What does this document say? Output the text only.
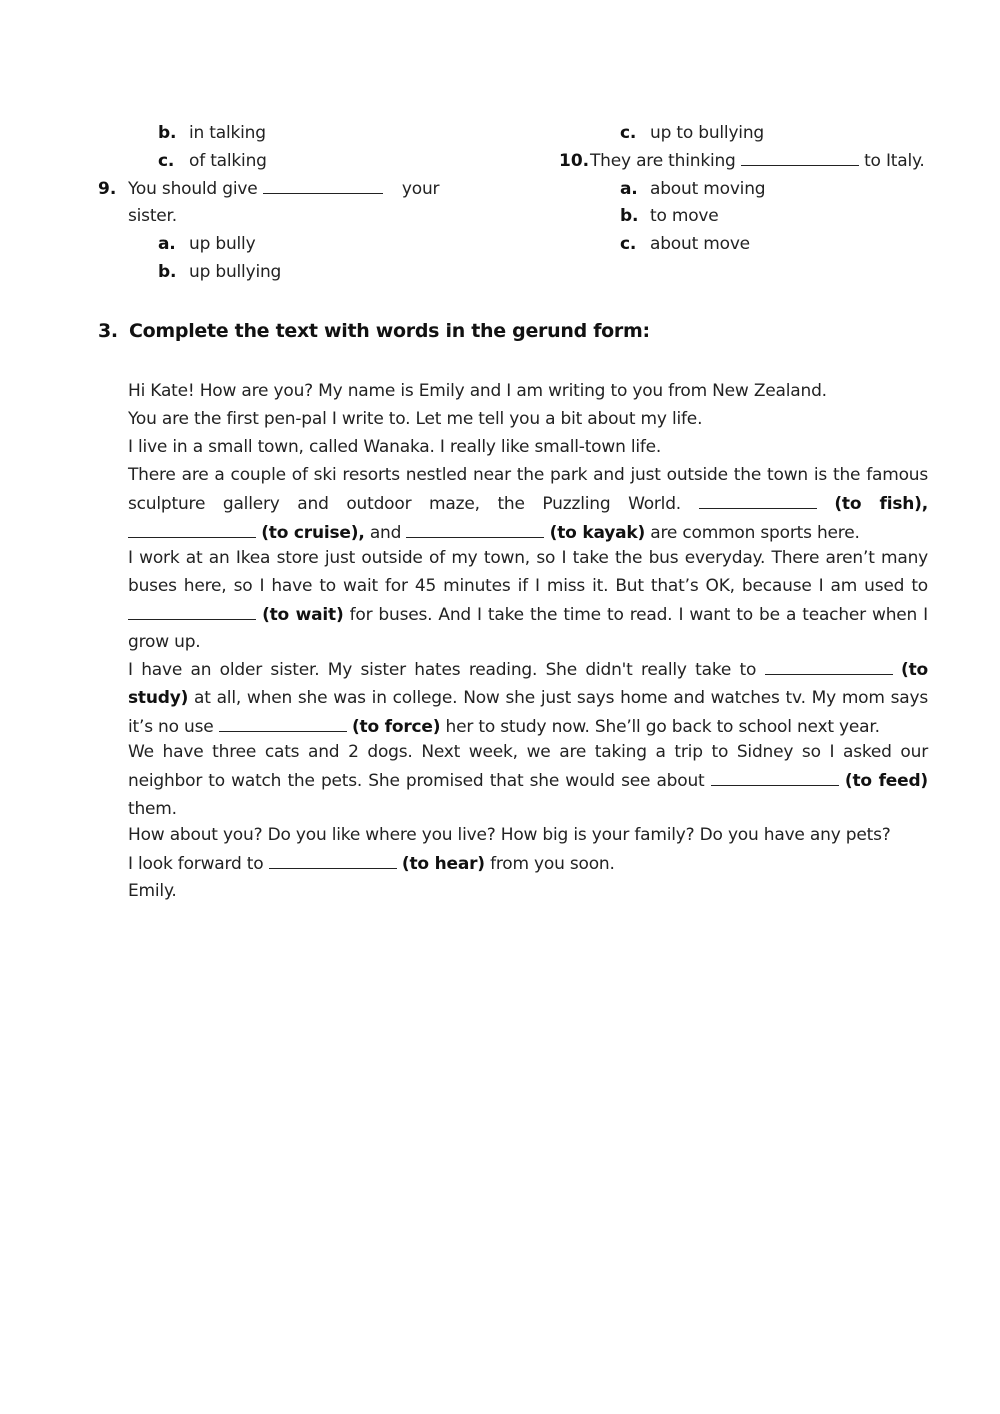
b. in talking
c. of talking
9. You should give	your
sister.
a. up bully
b. up bullying
c. up to bullying
10. They are thinking	to Italy.
a. about moving
b. to move
c. about move
3. Complete the text with words in the gerund form:
Hi Kate! How are you? My name is Emily and I am writing to you from New Zealand.
You are the first pen-pal I write to. Let me tell you a bit about my life.
I live in a small town, called Wanaka. I really like small-town life.
There are a couple of ski resorts nestled near the park and just outside the town is the famous sculpture gallery and outdoor maze, the Puzzling World.	(to fish),  (to cruise), and	(to kayak) are common sports here.
I work at an Ikea store just outside of my town, so I take the bus everyday. There aren’t many buses here, so I have to wait for 45 minutes if I miss it. But that’s OK, because I am used to  (to wait) for buses. And I take the time to read. I want to be a teacher when I grow up.
I have an older sister. My sister hates reading. She didn't really take to	(to study) at all, when she was in college. Now she just says home and watches tv. My mom says it’s no use	(to force) her to study now. She’ll go back to school next year.
We have three cats and 2 dogs. Next week, we are taking a trip to Sidney so I asked our neighbor to watch the pets. She promised that she would see about	(to feed) them.
How about you? Do you like where you live? How big is your family? Do you have any pets?
I look forward to	(to hear) from you soon.
Emily.
